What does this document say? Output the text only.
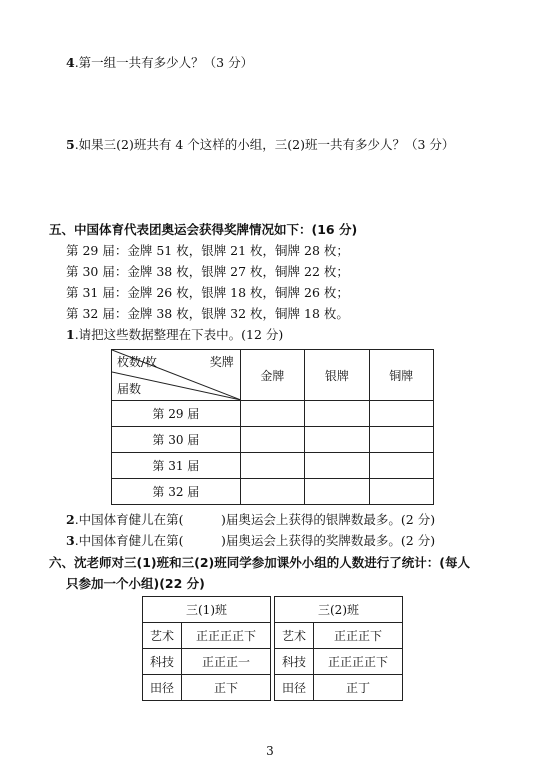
4.第一组一共有多少人？（3 分）
5.如果三(2)班共有 4 个这样的小组，三(2)班一共有多少人？（3 分）
五、中国体育代表团奥运会获得奖牌情况如下：(16 分)
第 29 届：金牌 51 枚，银牌 21 枚，铜牌 28 枚；
第 30 届：金牌 38 枚，银牌 27 枚，铜牌 22 枚；
第 31 届：金牌 26 枚，银牌 18 枚，铜牌 26 枚；
第 32 届：金牌 38 枚，银牌 32 枚，铜牌 18 枚。
1.请把这些数据整理在下表中。(12 分)
枚数/枚 奖牌
届数	金牌	银牌	铜牌
第 29 届			
第 30 届			
第 31 届			
第 32 届			
2.中国体育健儿在第(　　　)届奥运会上获得的银牌数最多。(2 分)
3.中国体育健儿在第(　　　)届奥运会上获得的奖牌数最多。(2 分)
六、沈老师对三(1)班和三(2)班同学参加课外小组的人数进行了统计：(每人
只参加一个小组)(22 分)
三(1)班			三(2)班	
艺术	正正正正下		艺术	正正正下
科技	正正正一		科技	正正正正下
田径	正下		田径	正丁
3
